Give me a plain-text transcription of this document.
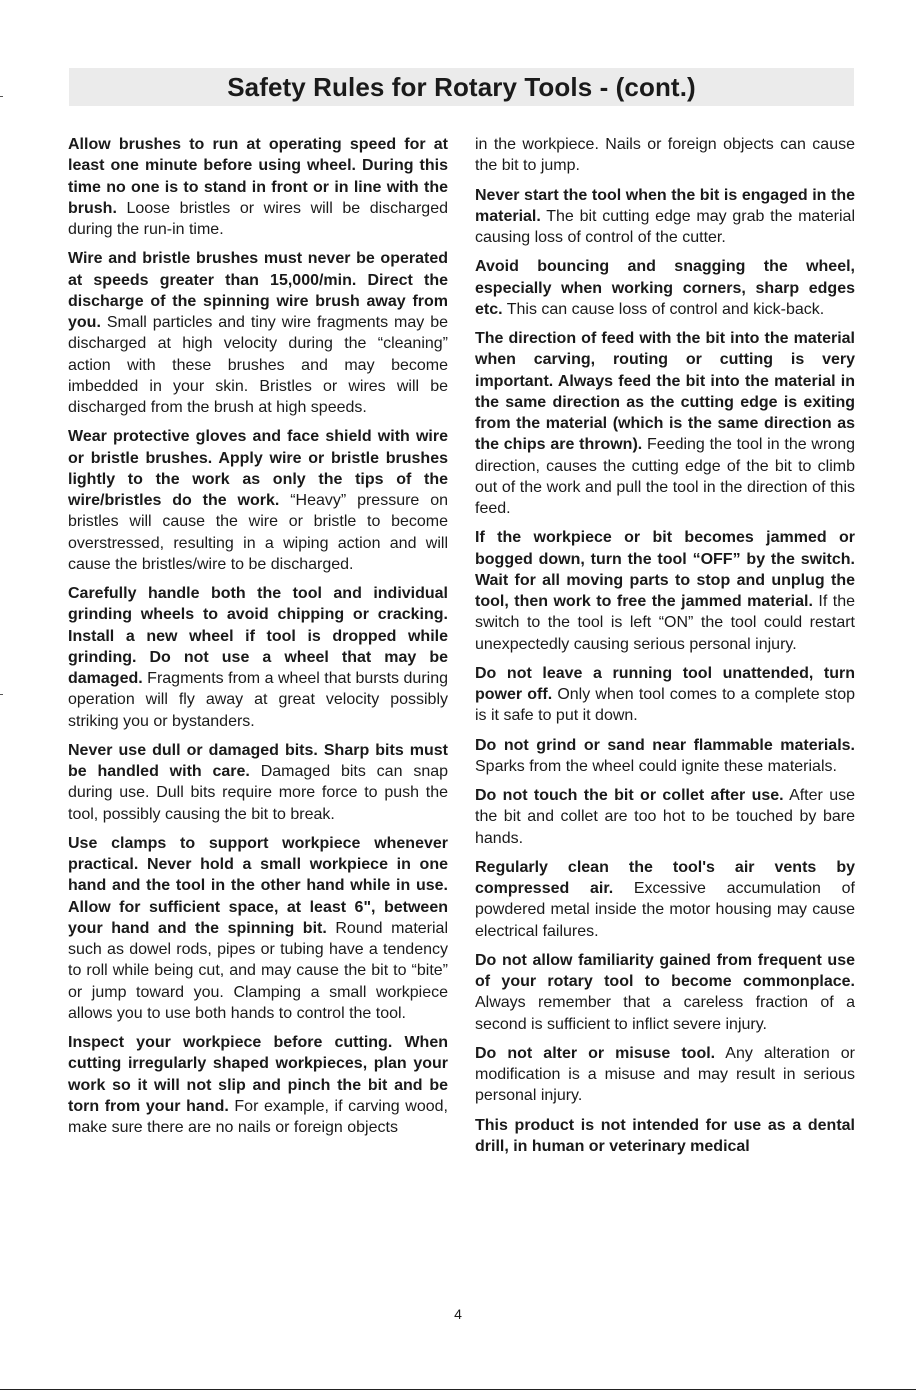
Safety Rules for Rotary Tools - (cont.)

Allow brushes to run at operating speed for at least one minute before using wheel. During this time no one is to stand in front or in line with the brush. Loose bristles or wires will be discharged during the run-in time.

Wire and bristle brushes must never be operated at speeds greater than 15,000/min. Direct the discharge of the spinning wire brush away from you. Small particles and tiny wire fragments may be discharged at high velocity during the “cleaning” action with these brushes and may become imbedded in your skin. Bristles or wires will be discharged from the brush at high speeds.

Wear protective gloves and face shield with wire or bristle brushes. Apply wire or bristle brushes lightly to the work as only the tips of the wire/bristles do the work. “Heavy” pressure on bristles will cause the wire or bristle to become overstressed, resulting in a wiping action and will cause the bristles/wire to be discharged.

Carefully handle both the tool and individual grinding wheels to avoid chipping or cracking. Install a new wheel if tool is dropped while grinding. Do not use a wheel that may be damaged. Fragments from a wheel that bursts during operation will fly away at great velocity possibly striking you or bystanders.

Never use dull or damaged bits. Sharp bits must be handled with care. Damaged bits can snap during use. Dull bits require more force to push the tool, possibly causing the bit to break.

Use clamps to support workpiece whenever practical. Never hold a small workpiece in one hand and the tool in the other hand while in use. Allow for sufficient space, at least 6", between your hand and the spinning bit. Round material such as dowel rods, pipes or tubing have a tendency to roll while being cut, and may cause the bit to “bite” or jump toward you. Clamping a small workpiece allows you to use both hands to control the tool.

Inspect your workpiece before cutting. When cutting irregularly shaped workpieces, plan your work so it will not slip and pinch the bit and be torn from your hand. For example, if carving wood, make sure there are no nails or foreign objects

in the workpiece. Nails or foreign objects can cause the bit to jump.

Never start the tool when the bit is engaged in the material. The bit cutting edge may grab the material causing loss of control of the cutter.

Avoid bouncing and snagging the wheel, especially when working corners, sharp edges etc. This can cause loss of control and kick-back.

The direction of feed with the bit into the material when carving, routing or cutting is very important. Always feed the bit into the material in the same direction as the cutting edge is exiting from the material (which is the same direction as the chips are thrown). Feeding the tool in the wrong direction, causes the cutting edge of the bit to climb out of the work and pull the tool in the direction of this feed.

If the workpiece or bit becomes jammed or bogged down, turn the tool “OFF” by the switch. Wait for all moving parts to stop and unplug the tool, then work to free the jammed material. If the switch to the tool is left “ON” the tool could restart unexpectedly causing serious personal injury.

Do not leave a running tool unattended, turn power off. Only when tool comes to a complete stop is it safe to put it down.

Do not grind or sand near flammable materials. Sparks from the wheel could ignite these materials.

Do not touch the bit or collet after use. After use the bit and collet are too hot to be touched by bare hands.

Regularly clean the tool's air vents by compressed air. Excessive accumulation of powdered metal inside the motor housing may cause electrical failures.

Do not allow familiarity gained from frequent use of your rotary tool to become commonplace. Always remember that a careless fraction of a second is sufficient to inflict severe injury.

Do not alter or misuse tool. Any alteration or modification is a misuse and may result in serious personal injury.

This product is not intended for use as a dental drill, in human or veterinary medical

4
